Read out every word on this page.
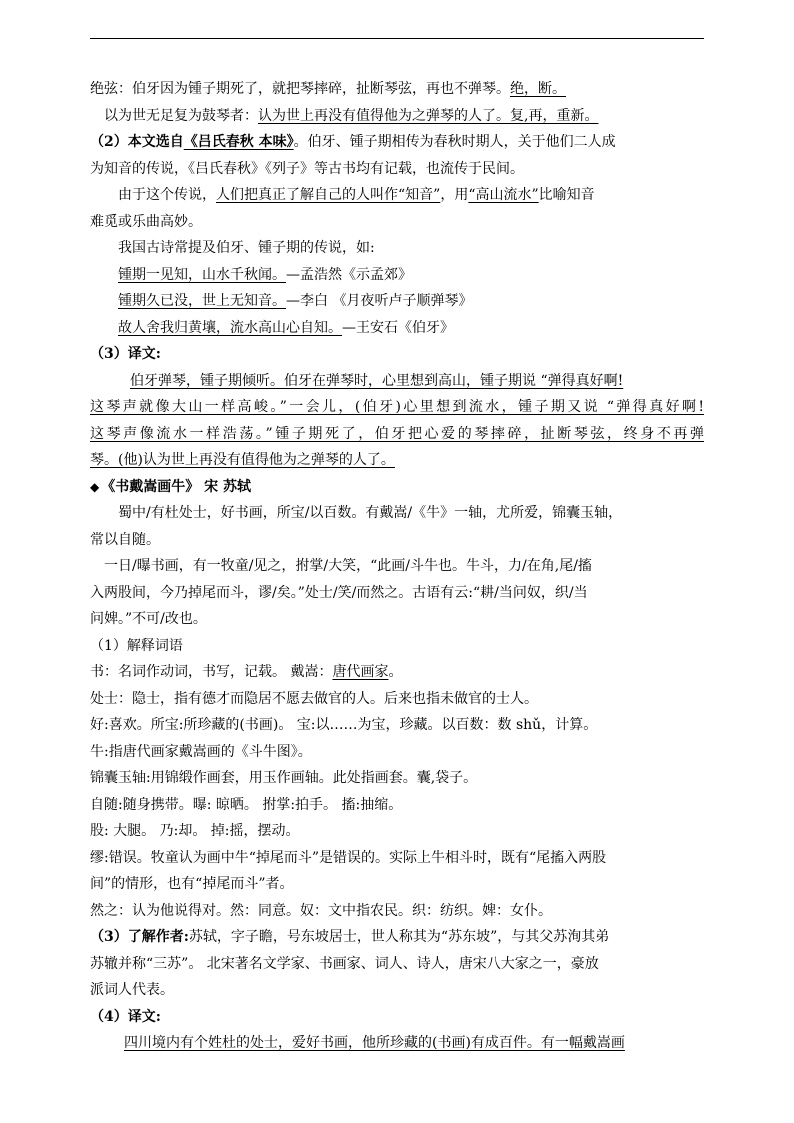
绝弦：伯牙因为锺子期死了，就把琴摔碎，扯断琴弦，再也不弹琴。绝，断。
以为世无足复为鼓琴者：认为世上再没有值得他为之弹琴的人了。复,再，重新。
（2）本文选自《吕氏春秋 本味》。伯牙、锺子期相传为春秋时期人，关于他们二人成
为知音的传说，《吕氏春秋》《列子》等古书均有记载，也流传于民间。
由于这个传说，人们把真正了解自己的人叫作“知音”，用“高山流水”比喻知音
难觅或乐曲高妙。
我国古诗常提及伯牙、锺子期的传说，如:
锺期一见知，山水千秋闻。—孟浩然《示孟郊》
锺期久已没，世上无知音。—李白 《月夜听卢子顺弹琴》
故人舍我归黄壤，流水高山心自知。—王安石《伯牙》
（3）译文:
伯牙弹琴，锺子期倾听。伯牙在弹琴时，心里想到高山，锺子期说 “弹得真好啊!
这琴声就像大山一样高峻。”一会儿，(伯牙)心里想到流水，锺子期又说 “弹得真好啊!
这琴声像流水一样浩荡。”锺子期死了，伯牙把心爱的琴摔碎，扯断琴弦，终身不再弹
琴。(他)认为世上再没有值得他为之弹琴的人了。
◆ 《书戴嵩画牛》 宋 苏轼
蜀中/有杜处士，好书画，所宝/以百数。有戴嵩/《牛》一轴，尤所爱，锦囊玉轴，
常以自随。
一日/曝书画，有一牧童/见之，拊掌/大笑，“此画/斗牛也。牛斗，力/在角,尾/搐
入两股间，今乃掉尾而斗，谬/矣。”处士/笑/而然之。古语有云:“耕/当问奴，织/当
问婢。”不可/改也。
（1）解释词语
书：名词作动词，书写，记载。 戴嵩：唐代画家。
处士：隐士，指有德才而隐居不愿去做官的人。后来也指未做官的士人。
好:喜欢。所宝:所珍藏的(书画)。 宝:以……为宝，珍藏。以百数：数 shǔ，计算。
牛:指唐代画家戴嵩画的《斗牛图》。
锦囊玉轴:用锦缎作画套，用玉作画轴。此处指画套。囊,袋子。
自随:随身携带。曝: 晾晒。 拊掌:拍手。 搐:抽缩。
股: 大腿。 乃:却。 掉:摇，摆动。
缪:错误。牧童认为画中牛“掉尾而斗”是错误的。实际上牛相斗时，既有“尾搐入两股
间”的情形，也有“掉尾而斗”者。
然之：认为他说得对。然：同意。奴：文中指农民。织：纺织。婢：女仆。
（3）了解作者:苏轼，字子瞻，号东坡居士，世人称其为“苏东坡”，与其父苏洵其弟
苏辙并称“三苏”。 北宋著名文学家、书画家、词人、诗人，唐宋八大家之一，豪放
派词人代表。
（4）译文:
四川境内有个姓杜的处士，爱好书画，他所珍藏的(书画)有成百件。有一幅戴嵩画
